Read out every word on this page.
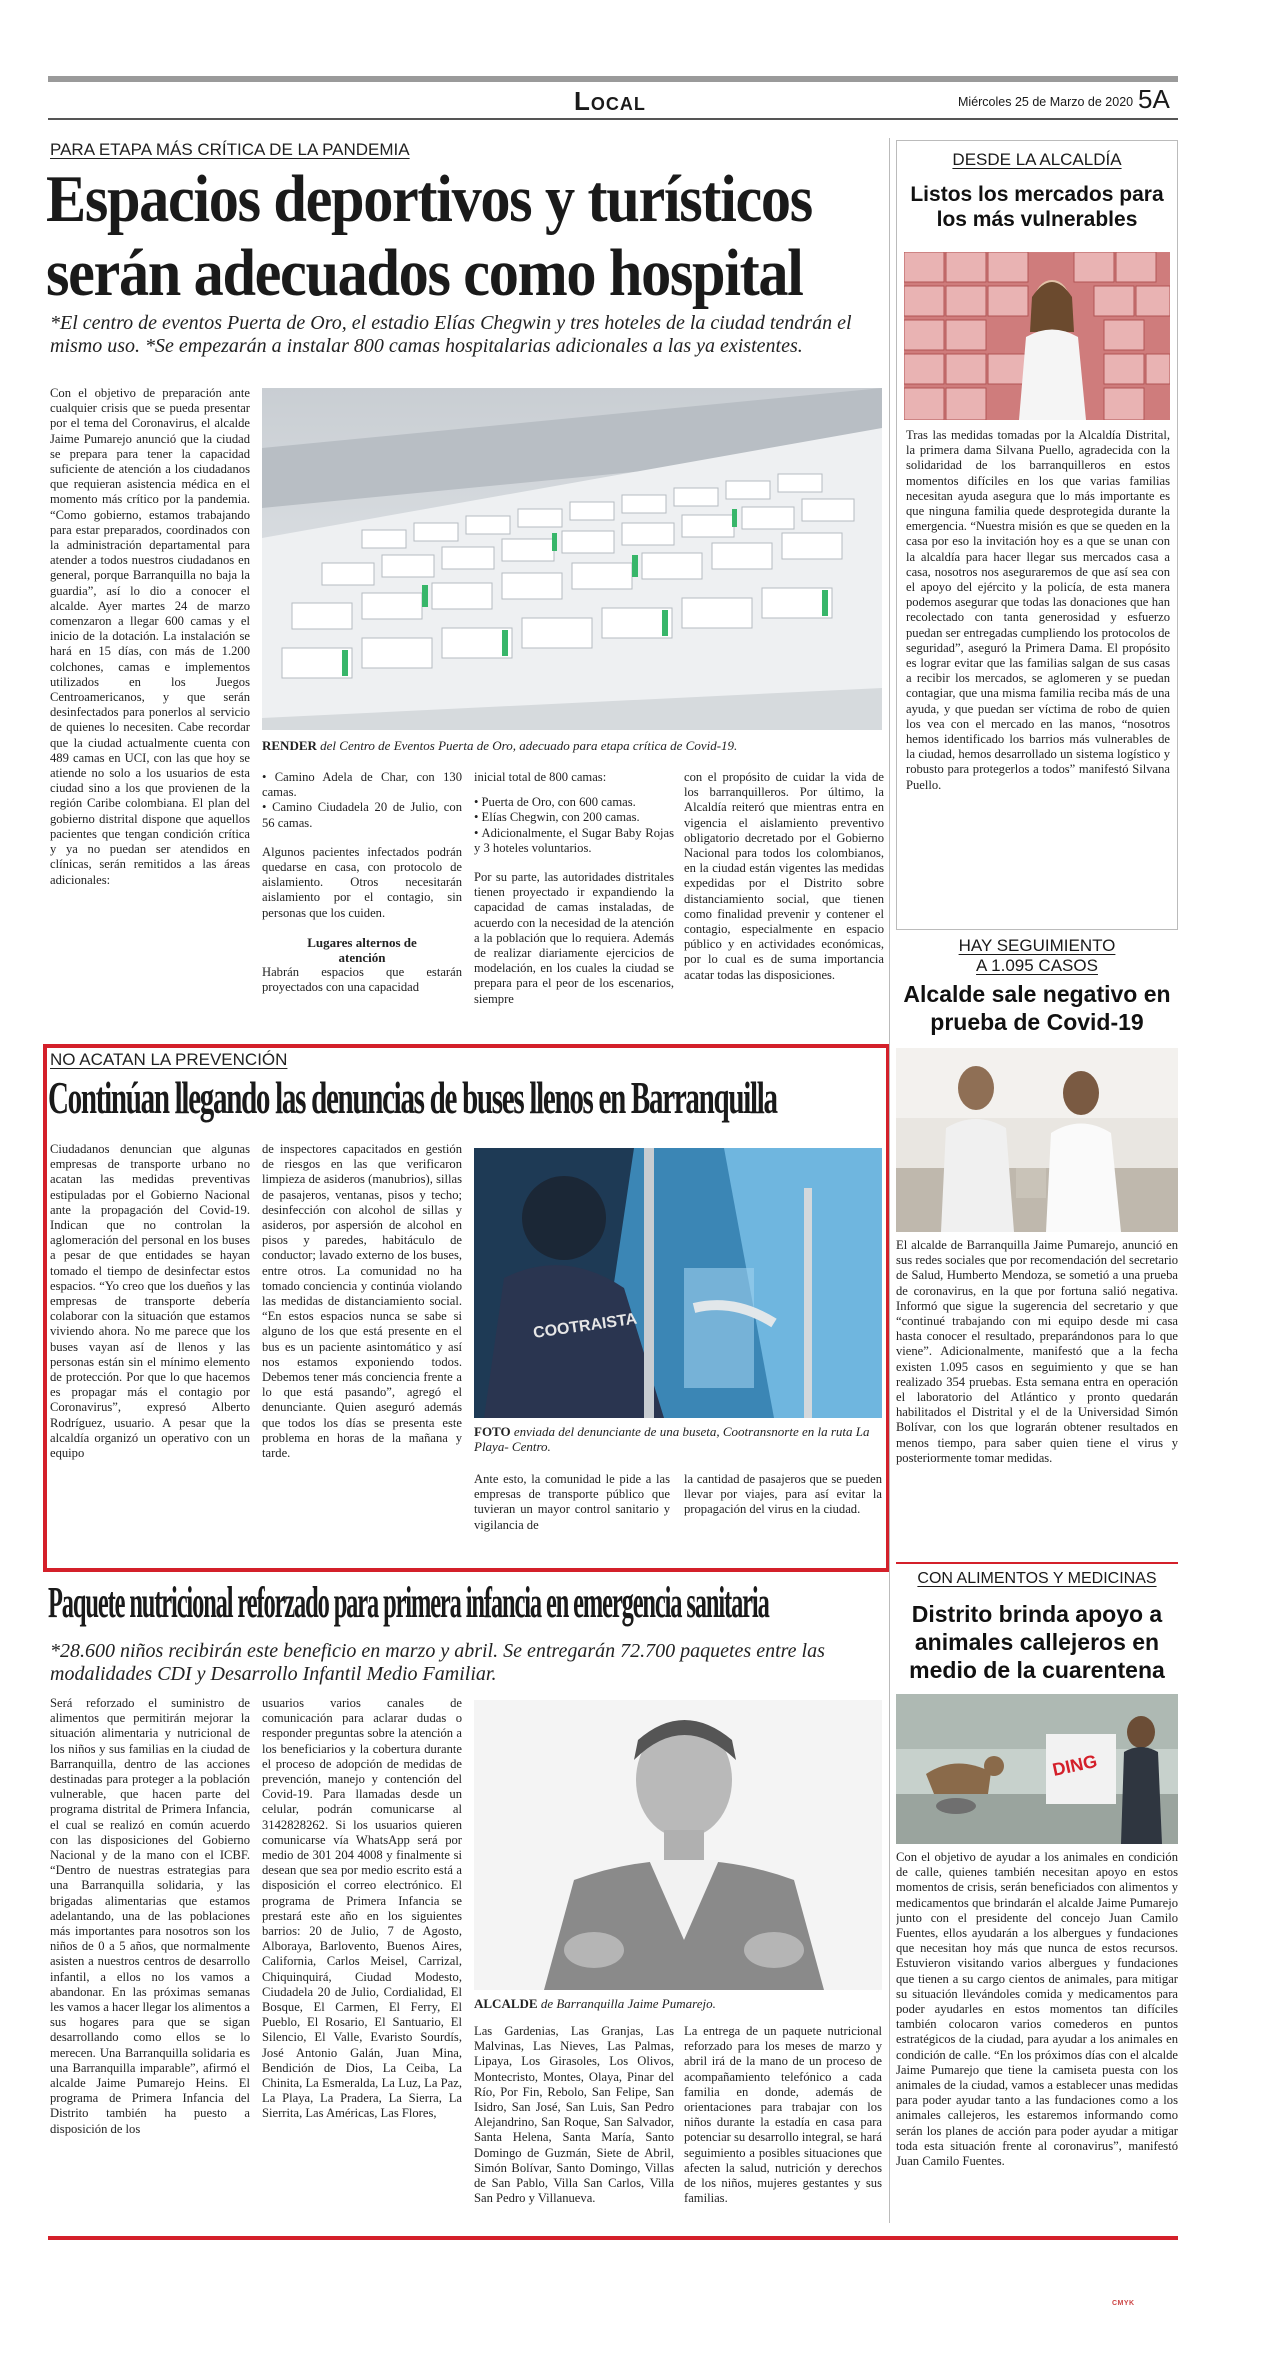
Local	Miércoles 25 de Marzo de 2020 5A
PARA ETAPA MÁS CRÍTICA DE LA PANDEMIA
Espacios deportivos y turísticos
serán adecuados como hospital
*El centro de eventos Puerta de Oro, el estadio Elías Chegwin y tres hoteles de la ciudad tendrán el mismo uso. *Se empezarán a instalar 800 camas hospitalarias adicionales a las ya existentes.
Con el objetivo de preparación ante cualquier crisis que se pueda presentar por el tema del Coronavirus, el alcalde Jaime Pumarejo anunció que la ciudad se prepara para tener la capacidad suficiente de atención a los ciudadanos que requieran asistencia médica en el momento más crítico por la pandemia. “Como gobierno, estamos trabajando para estar preparados, coordinados con la administración departamental para atender a todos nuestros ciudadanos en general, porque Barranquilla no baja la guardia”, así lo dio a conocer el alcalde. Ayer martes 24 de marzo comenzaron a llegar 600 camas y el inicio de la dotación. La instalación se hará en 15 días, con más de 1.200 colchones, camas e implementos utilizados en los Juegos Centroamericanos, y que serán desinfectados para ponerlos al servicio de quienes lo necesiten. Cabe recordar que la ciudad actualmente cuenta con 489 camas en UCI, con las que hoy se atiende no solo a los usuarios de esta ciudad sino a los que provienen de la región Caribe colombiana. El plan del gobierno distrital dispone que aquellos pacientes que tengan condición crítica y ya no puedan ser atendidos en clínicas, serán remitidos a las áreas adicionales:
RENDER del Centro de Eventos Puerta de Oro, adecuado para etapa crítica de Covid-19.

• Camino Adela de Char, con 130 camas.

• Camino Ciudadela 20 de Julio, con 56 camas.

Algunos pacientes infectados podrán quedarse en casa, con protocolo de aislamiento. Otros necesitarán aislamiento por el contagio, sin personas que los cuiden.

Lugares alternos de atención

Habrán espacios que estarán proyectados con una capacidad

inicial total de 800 camas:

• Puerta de Oro, con 600 camas.

• Elías Chegwin, con 200 camas.

• Adicionalmente, el Sugar Baby Rojas y 3 hoteles voluntarios.

Por su parte, las autoridades distritales tienen proyectado ir expandiendo la capacidad de camas instaladas, de acuerdo con la necesidad de la atención a la población que lo requiera. Además de realizar diariamente ejercicios de modelación, en los cuales la ciudad se prepara para el peor de los escenarios, siempre

con el propósito de cuidar la vida de los barranquilleros. Por último, la Alcaldía reiteró que mientras entra en vigencia el aislamiento preventivo obligatorio decretado por el Gobierno Nacional para todos los colombianos, en la ciudad están vigentes las medidas expedidas por el Distrito sobre distanciamiento social, que tienen como finalidad prevenir y contener el contagio, especialmente en espacio público y en actividades económicas, por lo cual es de suma importancia acatar todas las disposiciones.
NO ACATAN LA PREVENCIÓN
Continúan llegando las denuncias de buses llenos en Barranquilla
Ciudadanos denuncian que algunas empresas de transporte urbano no acatan las medidas preventivas estipuladas por el Gobierno Nacional ante la propagación del Covid-19. Indican que no controlan la aglomeración del personal en los buses a pesar de que entidades se hayan tomado el tiempo de desinfectar estos espacios. “Yo creo que los dueños y las empresas de transporte debería colaborar con la situación que estamos viviendo ahora. No me parece que los buses vayan así de llenos y las personas están sin el mínimo elemento de protección. Por que lo que hacemos es propagar más el contagio por Coronavirus”, expresó Alberto Rodríguez, usuario. A pesar que la alcaldía organizó un operativo con un equipo
de inspectores capacitados en gestión de riesgos en las que verificaron limpieza de asideros (manubrios), sillas de pasajeros, ventanas, pisos y techo; desinfección con alcohol de sillas y asideros, por aspersión de alcohol en pisos y paredes, habitáculo de conductor; lavado externo de los buses, entre otros. La comunidad no ha tomado conciencia y continúa violando las medidas de distanciamiento social. “En estos espacios nunca se sabe si alguno de los que está presente en el bus es un paciente asintomático y así nos estamos exponiendo todos. Debemos tener más conciencia frente a lo que está pasando”, agregó el denunciante. Quien aseguró además que todos los días se presenta este problema en horas de la mañana y tarde.
COOTRAISTA
FOTO enviada del denunciante de una buseta, Cootransnorte en la ruta La Playa- Centro.
Ante esto, la comunidad le pide a las empresas de transporte público que tuvieran un mayor control sanitario y vigilancia de
la cantidad de pasajeros que se pueden llevar por viajes, para así evitar la propagación del virus en la ciudad.
Paquete nutricional reforzado para primera infancia en emergencia sanitaria
*28.600 niños recibirán este beneficio en marzo y abril. Se entregarán 72.700 paquetes entre las modalidades CDI y Desarrollo Infantil Medio Familiar.
Será reforzado el suministro de alimentos que permitirán mejorar la situación alimentaria y nutricional de los niños y sus familias en la ciudad de Barranquilla, dentro de las acciones destinadas para proteger a la población vulnerable, que hacen parte del programa distrital de Primera Infancia, el cual se realizó en común acuerdo con las disposiciones del Gobierno Nacional y de la mano con el ICBF. “Dentro de nuestras estrategias para una Barranquilla solidaria, y las brigadas alimentarias que estamos adelantando, una de las poblaciones más importantes para nosotros son los niños de 0 a 5 años, que normalmente asisten a nuestros centros de desarrollo infantil, a ellos no los vamos a abandonar. En las próximas semanas les vamos a hacer llegar los alimentos a sus hogares para que se sigan desarrollando como ellos se lo merecen. Una Barranquilla solidaria es una Barranquilla imparable”, afirmó el alcalde Jaime Pumarejo Heins. El programa de Primera Infancia del Distrito también ha puesto a disposición de los
usuarios varios canales de comunicación para aclarar dudas o responder preguntas sobre la atención a los beneficiarios y la cobertura durante el proceso de adopción de medidas de prevención, manejo y contención del Covid-19. Para llamadas desde un celular, podrán comunicarse al 3142828262. Si los usuarios quieren comunicarse vía WhatsApp será por medio de 301 204 4008 y finalmente si desean que sea por medio escrito está a disposición el correo electrónico. El programa de Primera Infancia se prestará este año en los siguientes barrios: 20 de Julio, 7 de Agosto, Alboraya, Barlovento, Buenos Aires, California, Carlos Meisel, Carrizal, Chiquinquirá, Ciudad Modesto, Ciudadela 20 de Julio, Cordialidad, El Bosque, El Carmen, El Ferry, El Pueblo, El Rosario, El Santuario, El Silencio, El Valle, Evaristo Sourdís, José Antonio Galán, Juan Mina, Bendición de Dios, La Ceiba, La Chinita, La Esmeralda, La Luz, La Paz, La Playa, La Pradera, La Sierra, La Sierrita, Las Américas, Las Flores,
ALCALDE de Barranquilla Jaime Pumarejo.
Las Gardenias, Las Granjas, Las Malvinas, Las Nieves, Las Palmas, Lipaya, Los Girasoles, Los Olivos, Montecristo, Montes, Olaya, Pinar del Río, Por Fin, Rebolo, San Felipe, San Isidro, San José, San Luis, San Pedro Alejandrino, San Roque, San Salvador, Santa Helena, Santa María, Santo Domingo de Guzmán, Siete de Abril, Simón Bolívar, Santo Domingo, Villas de San Pablo, Villa San Carlos, Villa San Pedro y Villanueva.
La entrega de un paquete nutricional reforzado para los meses de marzo y abril irá de la mano de un proceso de acompañamiento telefónico a cada familia en donde, además de orientaciones para trabajar con los niños durante la estadía en casa para potenciar su desarrollo integral, se hará seguimiento a posibles situaciones que afecten la salud, nutrición y derechos de los niños, mujeres gestantes y sus familias.
DESDE LA ALCALDÍA
Listos los mercados para los más vulnerables
Tras las medidas tomadas por la Alcaldía Distrital, la primera dama Silvana Puello, agradecida con la solidaridad de los barranquilleros en estos momentos difíciles en los que varias familias necesitan ayuda asegura que lo más importante es que ninguna familia quede desprotegida durante la emergencia. “Nuestra misión es que se queden en la casa por eso la invitación hoy es a que se unan con la alcaldía para hacer llegar sus mercados casa a casa, nosotros nos aseguraremos de que así sea con el apoyo del ejército y la policía, de esta manera podemos asegurar que todas las donaciones que han recolectado con tanta generosidad y esfuerzo puedan ser entregadas cumpliendo los protocolos de seguridad”, aseguró la Primera Dama. El propósito es lograr evitar que las familias salgan de sus casas a recibir los mercados, se aglomeren y se puedan contagiar, que una misma familia reciba más de una ayuda, y que puedan ser víctima de robo de quien los vea con el mercado en las manos, “nosotros hemos identificado los barrios más vulnerables de la ciudad, hemos desarrollado un sistema logístico y robusto para protegerlos a todos” manifestó Silvana Puello.
HAY SEGUIMIENTO
A 1.095 CASOS
Alcalde sale negativo en prueba de Covid-19
El alcalde de Barranquilla Jaime Pumarejo, anunció en sus redes sociales que por recomendación del secretario de Salud, Humberto Mendoza, se sometió a una prueba de coronavirus, en la que por fortuna salió negativa. Informó que sigue la sugerencia del secretario y que “continué trabajando con mi equipo desde mi casa hasta conocer el resultado, preparándonos para lo que viene”. Adicionalmente, manifestó que a la fecha existen 1.095 casos en seguimiento y que se han realizado 354 pruebas. Esta semana entra en operación el laboratorio del Atlántico y pronto quedarán habilitados el Distrital y el de la Universidad Simón Bolívar, con los que lograrán obtener resultados en menos tiempo, para saber quien tiene el virus y posteriormente tomar medidas.
CON ALIMENTOS Y MEDICINAS
Distrito brinda apoyo a animales callejeros en medio de la cuarentena
DING
Con el objetivo de ayudar a los animales en condición de calle, quienes también necesitan apoyo en estos momentos de crisis, serán beneficiados con alimentos y medicamentos que brindarán el alcalde Jaime Pumarejo junto con el presidente del concejo Juan Camilo Fuentes, ellos ayudarán a los albergues y fundaciones que necesitan hoy más que nunca de estos recursos. Estuvieron visitando varios albergues y fundaciones que tienen a su cargo cientos de animales, para mitigar su situación llevándoles comida y medicamentos para poder ayudarles en estos momentos tan difíciles también colocaron varios comederos en puntos estratégicos de la ciudad, para ayudar a los animales en condición de calle. “En los próximos días con el alcalde Jaime Pumarejo que tiene la camiseta puesta con los animales de la ciudad, vamos a establecer unas medidas para poder ayudar tanto a las fundaciones como a los animales callejeros, les estaremos informando como serán los planes de acción para poder ayudar a mitigar toda esta situación frente al coronavirus”, manifestó Juan Camilo Fuentes.
CMYK
